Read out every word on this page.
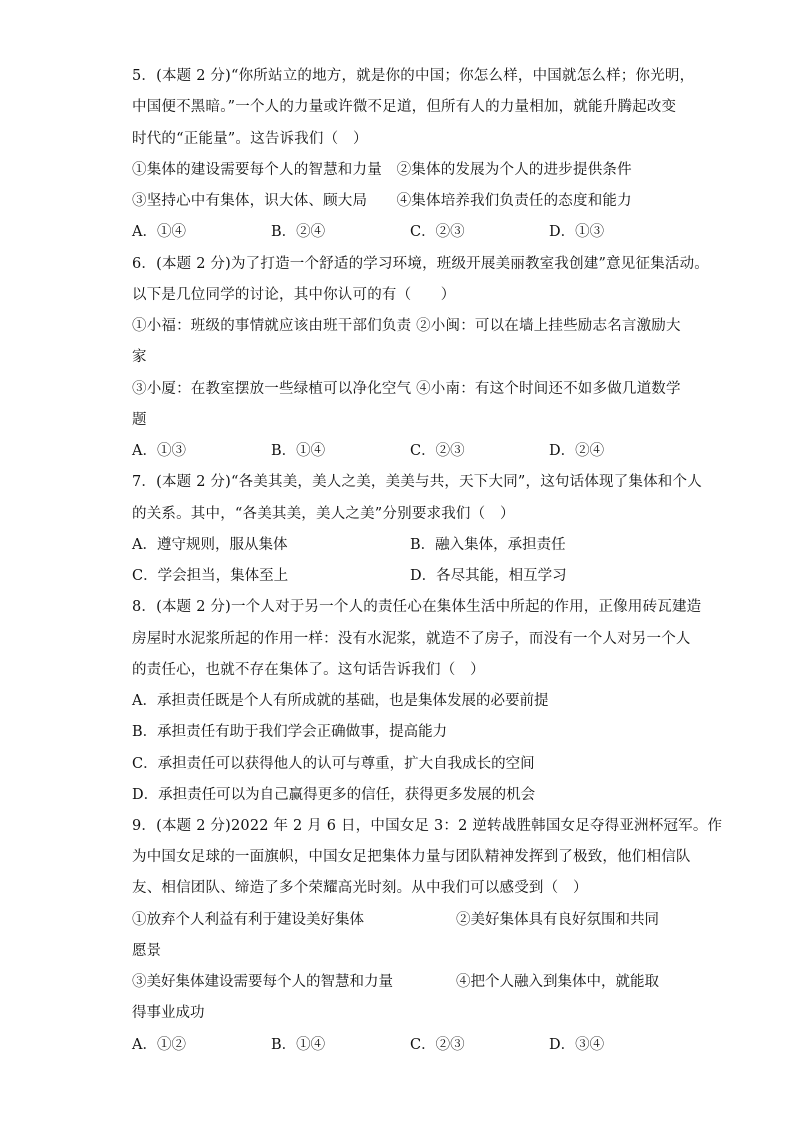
5．(本题 2 分)“你所站立的地方，就是你的中国；你怎么样，中国就怎么样；你光明，
中国便不黑暗。”一个人的力量或许微不足道，但所有人的力量相加，就能升腾起改变
时代的“正能量”。这告诉我们（　）
①集体的建设需要每个人的智慧和力量　②集体的发展为个人的进步提供条件
③坚持心中有集体，识大体、顾大局　　④集体培养我们负责任的态度和能力
A．①④	B．②④	C．②③	D．①③
6．(本题 2 分)为了打造一个舒适的学习环境，班级开展美丽教室我创建”意见征集活动。
以下是几位同学的讨论，其中你认可的有（　　）
①小福：班级的事情就应该由班干部们负责 ②小闽：可以在墙上挂些励志名言激励大
家
③小厦：在教室摆放一些绿植可以净化空气 ④小南：有这个时间还不如多做几道数学
题
A．①③	B．①④	C．②③	D．②④
7．(本题 2 分)“各美其美，美人之美，美美与共，天下大同”，这句话体现了集体和个人
的关系。其中，“各美其美，美人之美”分别要求我们（　）
A．遵守规则，服从集体	B．融入集体，承担责任
C．学会担当，集体至上	D．各尽其能，相互学习
8．(本题 2 分)一个人对于另一个人的责任心在集体生活中所起的作用，正像用砖瓦建造
房屋时水泥浆所起的作用一样：没有水泥浆，就造不了房子，而没有一个人对另一个人
的责任心，也就不存在集体了。这句话告诉我们（　）
A．承担责任既是个人有所成就的基础，也是集体发展的必要前提
B．承担责任有助于我们学会正确做事，提高能力
C．承担责任可以获得他人的认可与尊重，扩大自我成长的空间
D．承担责任可以为自己赢得更多的信任，获得更多发展的机会
9．(本题 2 分)2022 年 2 月 6 日，中国女足 3：2 逆转战胜韩国女足夺得亚洲杯冠军。作
为中国女足球的一面旗帜，中国女足把集体力量与团队精神发挥到了极致，他们相信队
友、相信团队、缔造了多个荣耀高光时刻。从中我们可以感受到（　）
①放弃个人利益有利于建设美好集体	②美好集体具有良好氛围和共同
愿景
③美好集体建设需要每个人的智慧和力量	④把个人融入到集体中，就能取
得事业成功
A．①②	B．①④	C．②③	D．③④
